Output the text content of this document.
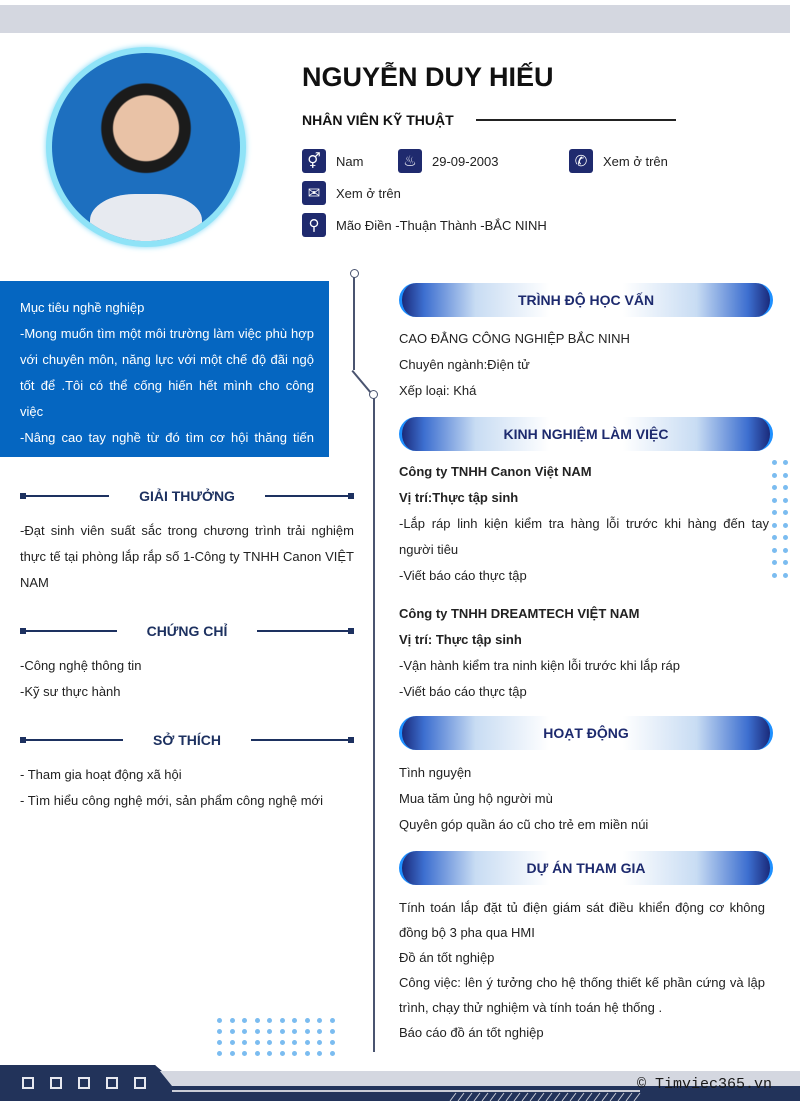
NGUYỄN DUY HIẾU
NHÂN VIÊN KỸ THUẬT
⚥	Nam	♨	29-09-2003	✆	Xem ở trên
✉	Xem ở trên
⚲	Mão Điền -Thuận Thành -BẮC NINH
Mục tiêu nghề nghiệp
-Mong muốn tìm một môi trường làm việc phù hợp với chuyên môn, năng lực với một chế độ đãi ngộ tốt để .Tôi có thể cống hiến hết mình cho công việc
-Nâng cao tay nghề từ đó tìm cơ hội thăng tiến trong công việc
GIẢI THƯỞNG
-Đạt sinh viên suất sắc trong chương trình trải nghiệm thực tế tại phòng lắp rắp số 1-Công ty TNHH Canon VIỆT NAM
CHỨNG CHỈ
-Công nghệ thông tin
-Kỹ sư thực hành
SỞ THÍCH
- Tham gia hoạt động xã hội
- Tìm hiểu công nghệ mới, sản phẩm công nghệ mới
TRÌNH ĐỘ HỌC VẤN
CAO ĐẲNG CÔNG NGHIỆP BẮC NINH
Chuyên ngành:Điện tử
Xếp loại: Khá
KINH NGHIỆM LÀM VIỆC
Công ty TNHH Canon Việt NAM
Vị trí:Thực tập sinh
-Lắp ráp linh kiện kiểm tra hàng lỗi trước khi hàng đến tay người tiêu
-Viết báo cáo thực tập
Công ty TNHH DREAMTECH VIỆT NAM
Vị trí: Thực tập sinh
-Vận hành kiểm tra ninh kiện lỗi trước khi lắp ráp
-Viết báo cáo thực tập
HOẠT ĐỘNG
Tình nguyện
Mua tăm ủng hộ người mù
Quyên góp quần áo cũ cho trẻ em miền núi
DỰ ÁN THAM GIA
Tính toán lắp đặt tủ điện giám sát điều khiển động cơ không đồng bộ 3 pha qua HMI
Đồ án tốt nghiệp
Công việc: lên ý tưởng cho hệ thống thiết kế phần cứng và lập trình, chạy thử nghiệm và tính toán hệ thống .
Báo cáo đồ án tốt nghiệp
© Timviec365.vn
